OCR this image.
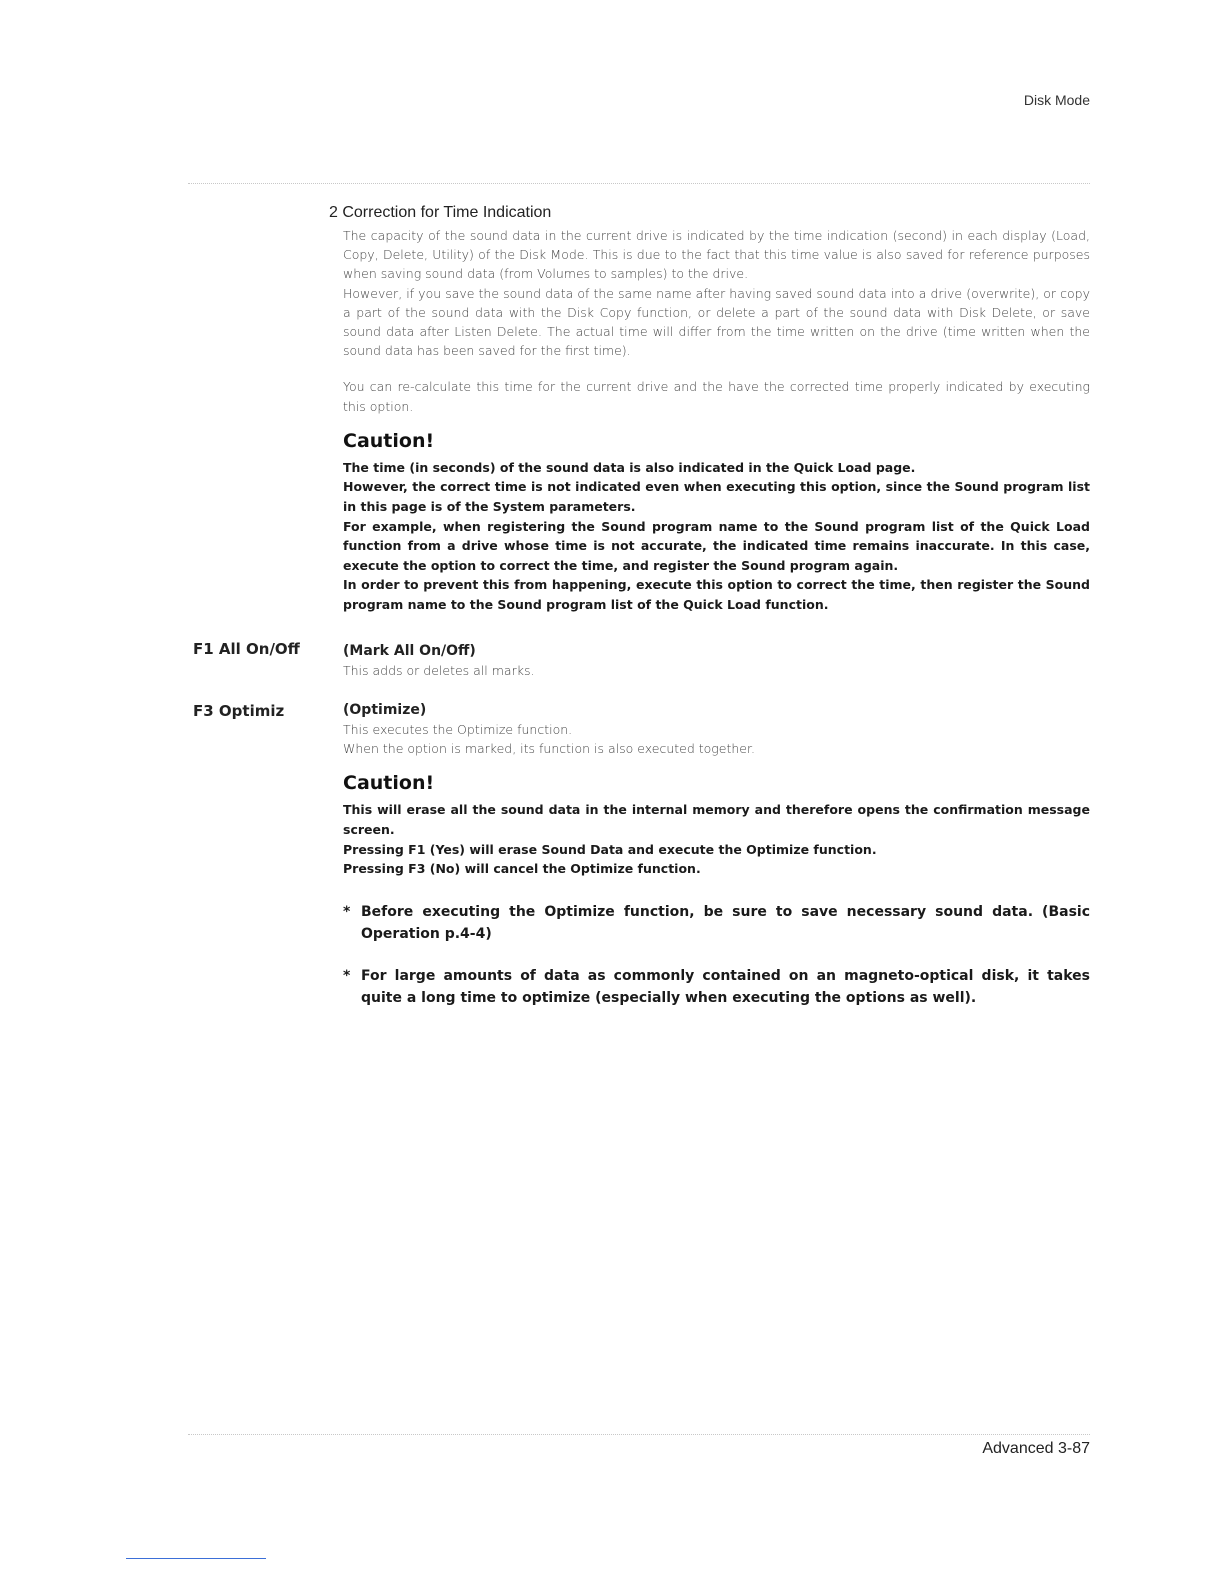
Disk Mode
2 Correction for Time Indication

The capacity of the sound data in the current drive is indicated by the time indication (second) in each display (Load, Copy, Delete, Utility) of the Disk Mode. This is due to the fact that this time value is also saved for reference purposes when saving sound data (from Volumes to samples) to the drive.

However, if you save the sound data of the same name after having saved sound data into a drive (overwrite), or copy a part of the sound data with the Disk Copy function, or delete a part of the sound data with Disk Delete, or save sound data after Listen Delete. The actual time will differ from the time written on the drive (time written when the sound data has been saved for the first time).

You can re-calculate this time for the current drive and the have the corrected time properly indicated by executing this option.

Caution!

The time (in seconds) of the sound data is also indicated in the Quick Load page.

However, the correct time is not indicated even when executing this option, since the Sound program list in this page is of the System parameters.

For example, when registering the Sound program name to the Sound program list of the Quick Load function from a drive whose time is not accurate, the indicated time remains inaccurate. In this case, execute the option to correct the time, and register the Sound program again.

In order to prevent this from happening, execute this option to correct the time, then register the Sound program name to the Sound program list of the Quick Load function.

F1 All On/Off	(Mark All On/Off)

This adds or deletes all marks.

F3 Optimiz	(Optimize)

This executes the Optimize function.

When the option is marked, its function is also executed together.

Caution!

This will erase all the sound data in the internal memory and therefore opens the confirmation message screen.

Pressing F1 (Yes) will erase Sound Data and execute the Optimize function.

Pressing F3 (No) will cancel the Optimize function.

* Before executing the Optimize function, be sure to save necessary sound data. (Basic Operation p.4-4)
* For large amounts of data as commonly contained on an magneto-optical disk, it takes quite a long time to optimize (especially when executing the options as well).
Advanced 3-87
